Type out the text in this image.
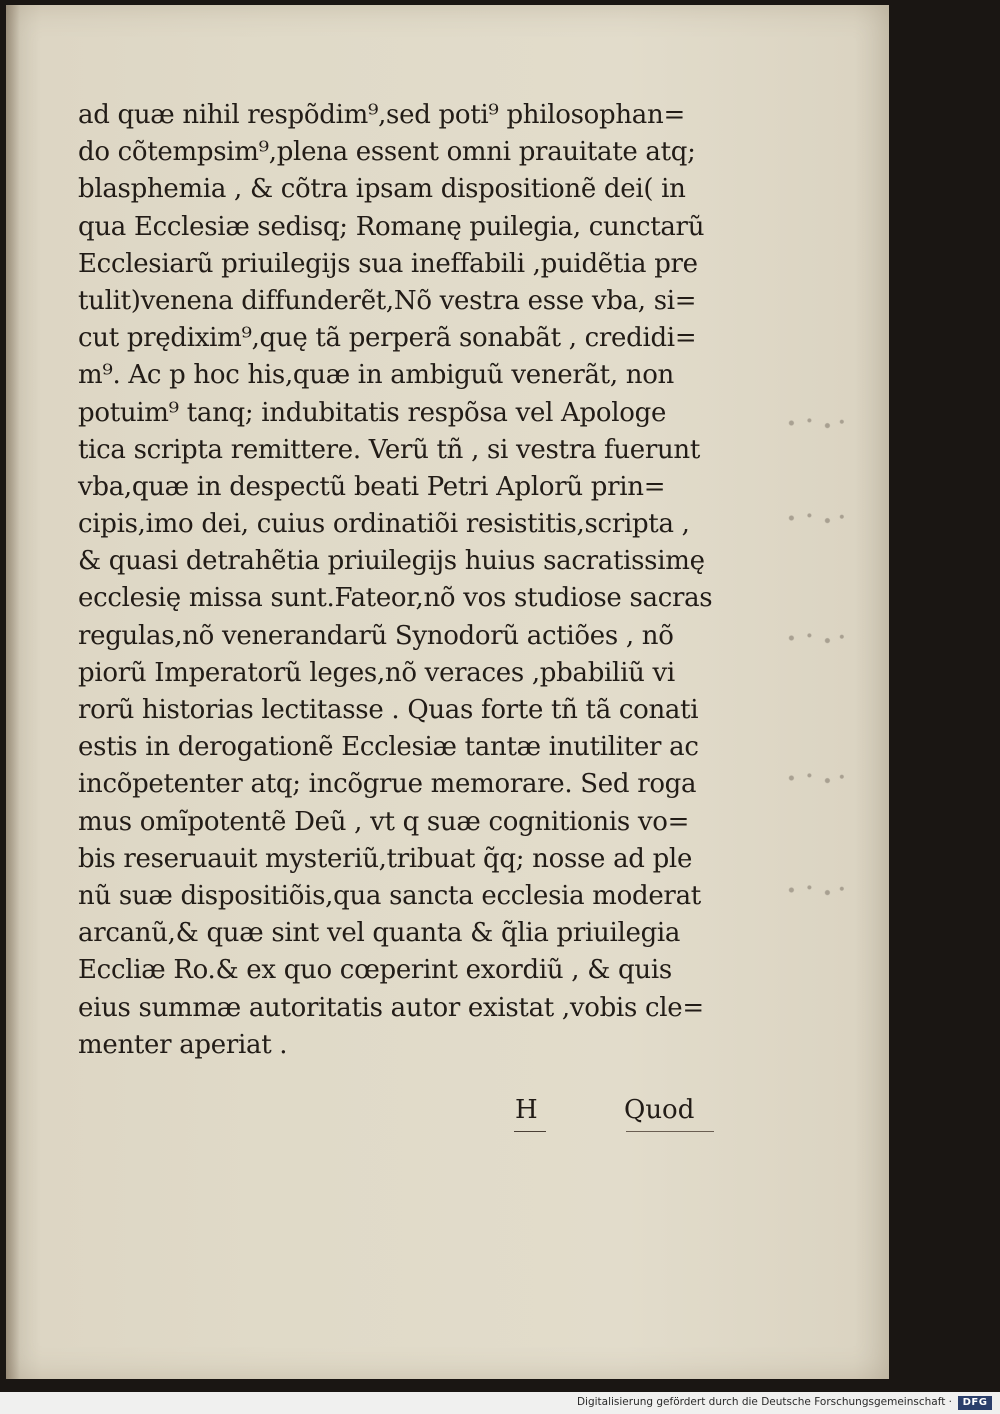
ad quæ nihil respõdim⁹,sed poti⁹ philosophan=
do cõtempsim⁹,plena essent omni prauitate atq;
blasphemia , & cõtra ipsam dispositionẽ dei( in
qua Ecclesiæ sedisq; Romanę puilegia, cunctarũ
Ecclesiarũ priuilegijs sua ineffabili ,puidẽtia pre
tulit)venena diffunderẽt,Nõ vestra esse vba, si=
cut prędixim⁹,quę tã perperã sonabãt , credidi=
m⁹. Ac p hoc his,quæ in ambiguũ venerãt, non
potuim⁹ tanq; indubitatis respõsa vel Apologe
tica scripta remittere. Verũ tñ , si vestra fuerunt
vba,quæ in despectũ beati Petri Aplorũ prin=
cipis,imo dei, cuius ordinatiõi resistitis,scripta ,
& quasi detrahẽtia priuilegijs huius sacratissimę
ecclesię missa sunt.Fateor,nõ vos studiose sacras
regulas,nõ venerandarũ Synodorũ actiões , nõ
piorũ Imperatorũ leges,nõ veraces ,pbabiliũ vi
rorũ historias lectitasse . Quas forte tñ tã conati
estis in derogationẽ Ecclesiæ tantæ inutiliter ac
incõpetenter atq; incõgrue memorare. Sed roga
mus omĩpotentẽ Deũ , vt q suæ cognitionis vo=
bis reseruauit mysteriũ,tribuat q̃q; nosse ad ple
nũ suæ dispositiõis,qua sancta ecclesia moderat
arcanũ,& quæ sint vel quanta & q̃lia priuilegia
Eccliæ Ro.& ex quo cœperint exordiũ , & quis
eius summæ autoritatis autor existat ,vobis cle=
menter aperiat .
H	Quod
Digitalisierung gefördert durch die Deutsche Forschungsgemeinschaft ·	DFG
